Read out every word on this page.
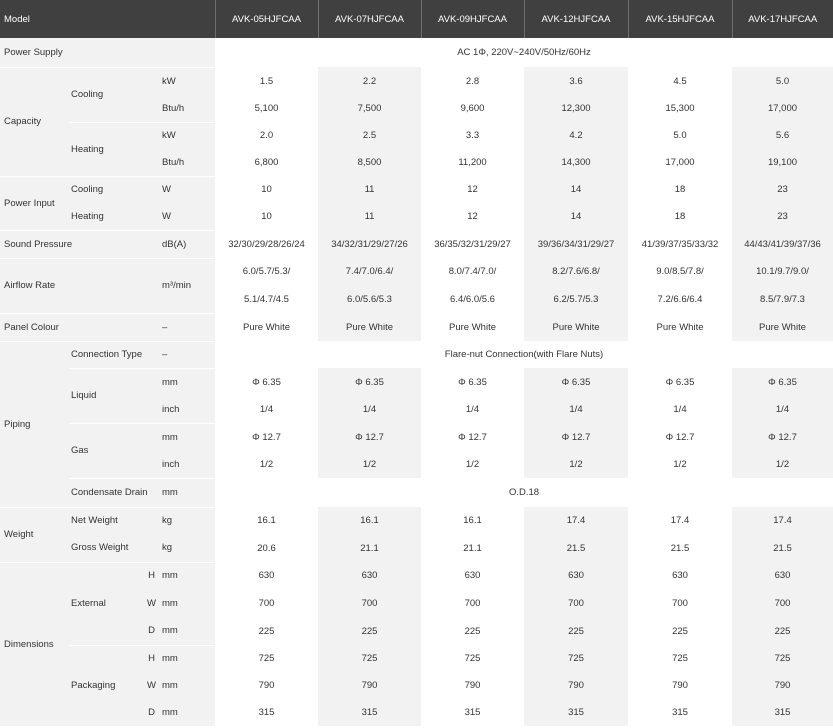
Model				AVK-05HJFCAA	AVK-07HJFCAA	AVK-09HJFCAA	AVK-12HJFCAA	AVK-15HJFCAA	AVK-17HJFCAA
Power Supply				AC 1Φ, 220V~240V/50Hz/60Hz					
Capacity	Cooling		kW	1.5	2.2	2.8	3.6	4.5	5.0
			Btu/h	5,100	7,500	9,600	12,300	15,300	17,000
	Heating		kW	2.0	2.5	3.3	4.2	5.0	5.6
			Btu/h	6,800	8,500	11,200	14,300	17,000	19,100
Power Input	Cooling		W	10	11	12	14	18	23
	Heating		W	10	11	12	14	18	23
Sound Pressure			dB(A)	32/30/29/28/26/24	34/32/31/29/27/26	36/35/32/31/29/27	39/36/34/31/29/27	41/39/37/35/33/32	44/43/41/39/37/36
Airflow Rate			m³/min	6.0/5.7/5.3/	7.4/7.0/6.4/	8.0/7.4/7.0/	8.2/7.6/6.8/	9.0/8.5/7.8/	10.1/9.7/9.0/
				5.1/4.7/4.5	6.0/5.6/5.3	6.4/6.0/5.6	6.2/5.7/5.3	7.2/6.6/6.4	8.5/7.9/7.3
Panel Colour			–	Pure White	Pure White	Pure White	Pure White	Pure White	Pure White
Piping	Connection Type		–	Flare-nut Connection(with Flare Nuts)					
	Liquid		mm	Φ 6.35	Φ 6.35	Φ 6.35	Φ 6.35	Φ 6.35	Φ 6.35
			inch	1/4	1/4	1/4	1/4	1/4	1/4
	Gas		mm	Φ 12.7	Φ 12.7	Φ 12.7	Φ 12.7	Φ 12.7	Φ 12.7
			inch	1/2	1/2	1/2	1/2	1/2	1/2
	Condensate Drain		mm	O.D.18					
Weight	Net Weight		kg	16.1	16.1	16.1	17.4	17.4	17.4
	Gross Weight		kg	20.6	21.1	21.1	21.5	21.5	21.5
Dimensions	External	H	mm	630	630	630	630	630	630
		W	mm	700	700	700	700	700	700
		D	mm	225	225	225	225	225	225
	Packaging	H	mm	725	725	725	725	725	725
		W	mm	790	790	790	790	790	790
		D	mm	315	315	315	315	315	315
